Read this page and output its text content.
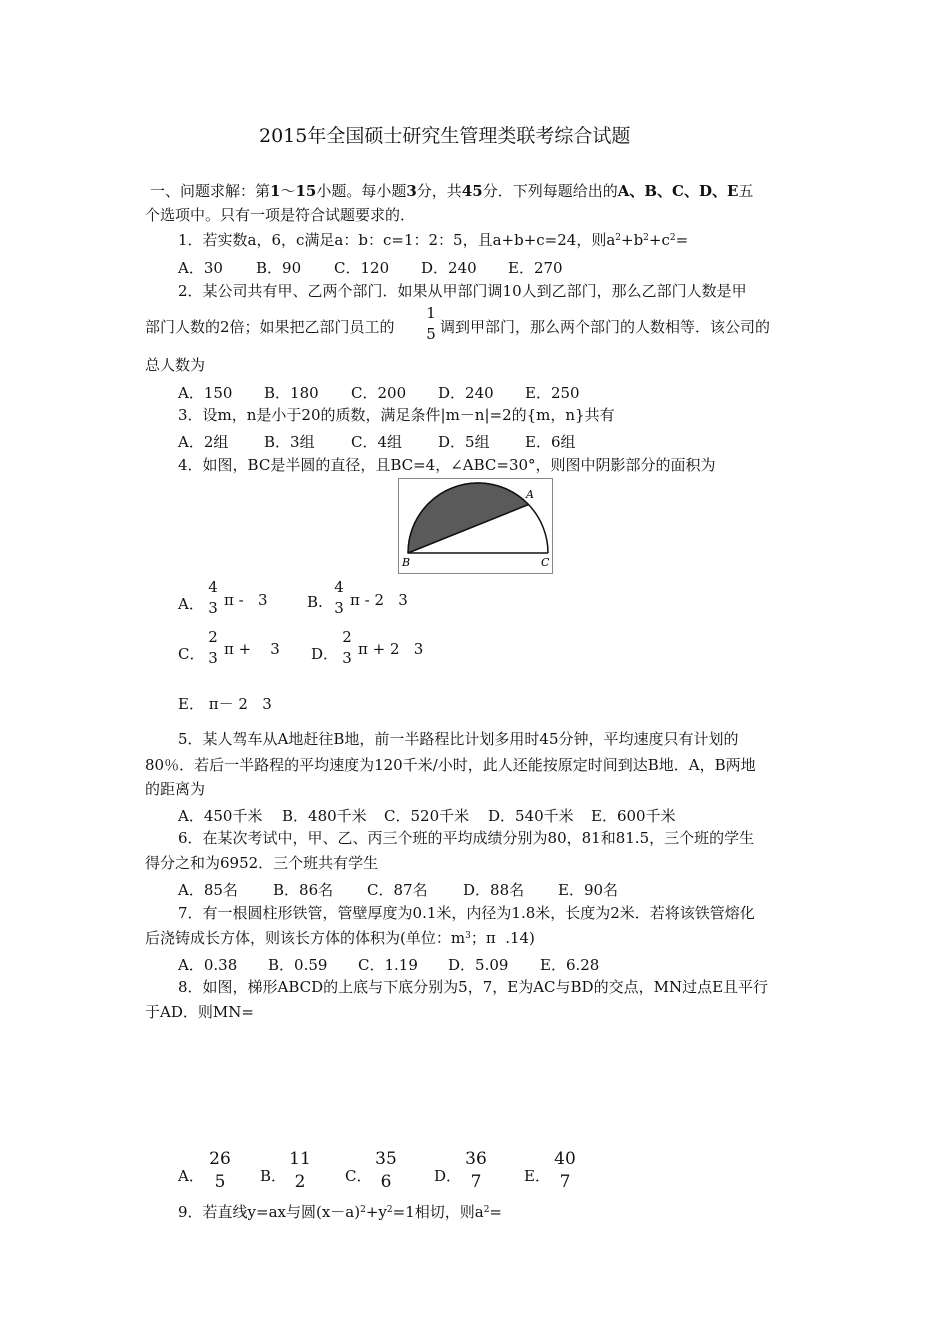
2015年全国硕士研究生管理类联考综合试题
一、问题求解：第1～15小题。每小题3分，共45分．下列每题给出的A、B、C、D、E五
个选项中。只有一项是符合试题要求的．
1．若实数a，6，c满足a：b：c=1：2：5，且a+b+c=24，则$a^2+b^2+c^2=$
A．30 B．90 C．120 D．240 E．270
2．某公司共有甲、乙两个部门．如果从甲部门调10人到乙部门，那么乙部门人数是甲
部门人数的2倍；如果把乙部门员工的
1
5 调到甲部门，那么两个部门的人数相等．该公司的
总人数为
A．150 B．180 C．200 D．240 E．250
3．设m，n是小于20的质数，满足条件|m－n|=2的{m，n}共有
A．2组 B．3组 C．4组 D．5组 E．6组
4．如图，BC是半圆的直径，且BC=4，∠ABC=30°，则图中阴影部分的面积为
A
B	C
A．
4
3 π -   3	B.
4
3 π - 2   3
C．
2
3 π +    3 D．
2
3 π + 2   3
E． π－ 2   3
5．某人驾车从A地赶往B地，前一半路程比计划多用时45分钟，平均速度只有计划的
80％．若后一半路程的平均速度为120千米/小时，此人还能按原定时间到达B地．A，B两地
的距离为
A．450千米 B．480千米 C．520千米 D．540千米 E．600千米
6．在某次考试中，甲、乙、丙三个班的平均成绩分别为80，81和81.5，三个班的学生
得分之和为6952．三个班共有学生
A．85名 B．86名 C．87名 D．88名 E．90名
7．有一根圆柱形铁管，管壁厚度为0.1米，内径为1.8米，长度为2米．若将该铁管熔化
后浇铸成长方体，则该长方体的体积为(单位：$m^3$；π  .14)
A．0.38 B．0.59 C．1.19 D．5.09 E．6.28
8．如图，梯形ABCD的上底与下底分别为5，7，E为AC与BD的交点，MN过点E且平行
于AD．则MN=
A．
26
5	B．
11
2	C．
35
6	D．
36
7	E．
40
7
9．若直线y=ax与圆$(x-a)^2+y^2=1$相切，则$a^2=$
